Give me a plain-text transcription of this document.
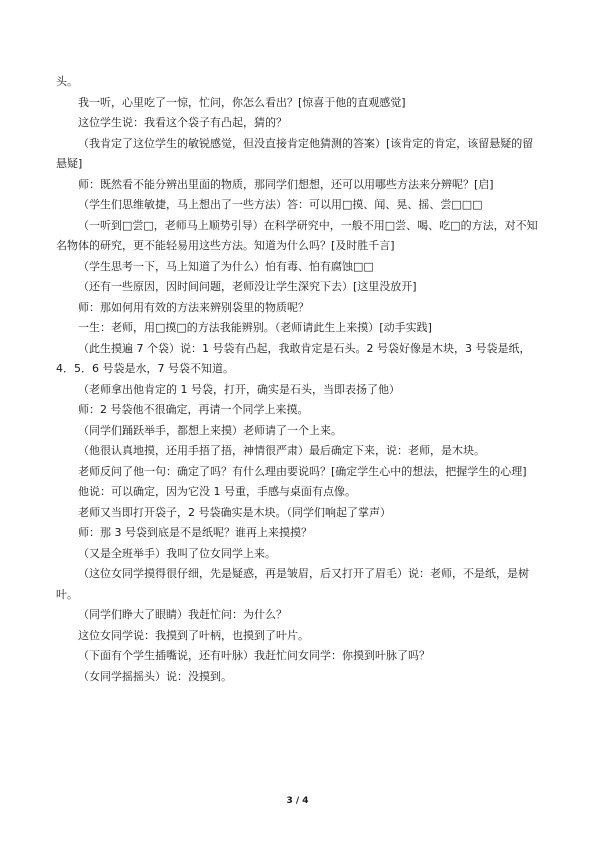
头。

我一听，心里吃了一惊，忙问，你怎么看出？[惊喜于他的直观感觉]

这位学生说：我看这个袋子有凸起，猜的？

（我肯定了这位学生的敏锐感觉，但没直接肯定他猜测的答案）[该肯定的肯定，该留悬疑的留悬疑]

师：既然看不能分辨出里面的物质，那同学们想想，还可以用哪些方法来分辨呢？[启]

（学生们思维敏捷，马上想出了一些方法）答：可以用□摸、闻、晃、摇、尝□□□

（一听到□尝□，老师马上顺势引导）在科学研究中，一般不用□尝、喝、吃□的方法，对不知名物体的研究，更不能轻易用这些方法。知道为什么吗？[及时胜千言]

（学生思考一下，马上知道了为什么）怕有毒、怕有腐蚀□□

（还有一些原因，因时间问题，老师没让学生深究下去）[这里没放开]

师：那如何用有效的方法来辨别袋里的物质呢？

一生：老师，用□摸□的方法我能辨别。（老师请此生上来摸）[动手实践]

（此生摸遍 7 个袋）说：1 号袋有凸起，我敢肯定是石头。2 号袋好像是木块，3 号袋是纸，4．5．6 号袋是水，7 号袋不知道。

（老师拿出他肯定的 1 号袋，打开，确实是石头，当即表扬了他）

师：2 号袋他不很确定，再请一个同学上来摸。

（同学们踊跃举手，都想上来摸）老师请了一个上来。

（他很认真地摸，还用手捂了捂，神情很严肃）最后确定下来，说：老师，是木块。

老师反问了他一句：确定了吗？有什么理由要说吗？[确定学生心中的想法，把握学生的心理]

他说：可以确定，因为它没 1 号重，手感与桌面有点像。

老师又当即打开袋子，2 号袋确实是木块。（同学们响起了掌声）

师：那 3 号袋到底是不是纸呢？谁再上来摸摸？

（又是全班举手）我叫了位女同学上来。

（这位女同学摸得很仔细，先是疑惑，再是皱眉，后又打开了眉毛）说：老师，不是纸，是树叶。

（同学们睁大了眼睛）我赶忙问：为什么？

这位女同学说：我摸到了叶柄，也摸到了叶片。

（下面有个学生插嘴说，还有叶脉）我赶忙问女同学：你摸到叶脉了吗？

（女同学摇摇头）说：没摸到。

3 / 4
